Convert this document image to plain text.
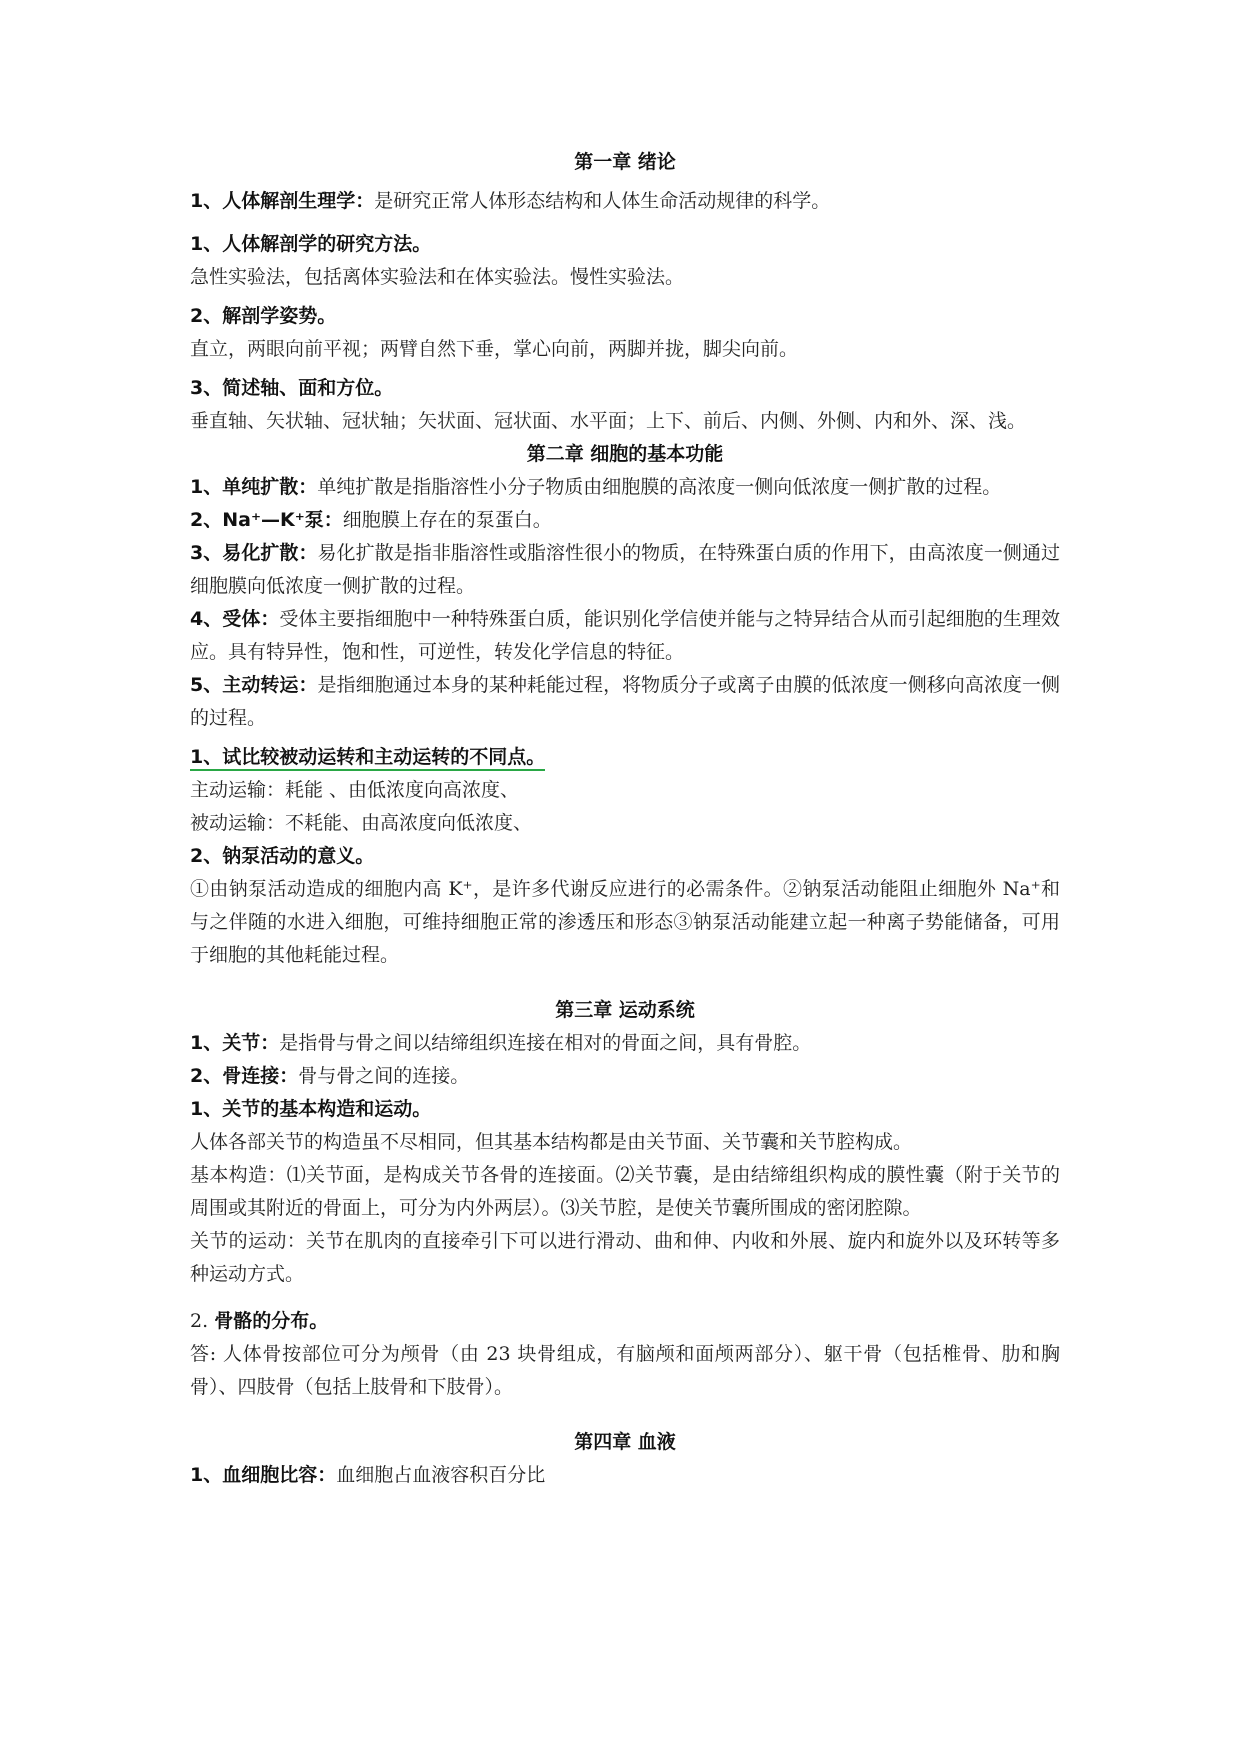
第一章 绪论

1、人体解剖生理学：是研究正常人体形态结构和人体生命活动规律的科学。

1、人体解剖学的研究方法。

急性实验法，包括离体实验法和在体实验法。慢性实验法。

2、解剖学姿势。

直立，两眼向前平视；两臂自然下垂，掌心向前，两脚并拢，脚尖向前。

3、简述轴、面和方位。

垂直轴、矢状轴、冠状轴；矢状面、冠状面、水平面；上下、前后、内侧、外侧、内和外、深、浅。

第二章 细胞的基本功能

1、单纯扩散：单纯扩散是指脂溶性小分子物质由细胞膜的高浓度一侧向低浓度一侧扩散的过程。

2、Na⁺—K⁺泵：细胞膜上存在的泵蛋白。

3、易化扩散：易化扩散是指非脂溶性或脂溶性很小的物质，在特殊蛋白质的作用下，由高浓度一侧通过细胞膜向低浓度一侧扩散的过程。

4、受体：受体主要指细胞中一种特殊蛋白质，能识别化学信使并能与之特异结合从而引起细胞的生理效应。具有特异性，饱和性，可逆性，转发化学信息的特征。

5、主动转运：是指细胞通过本身的某种耗能过程，将物质分子或离子由膜的低浓度一侧移向高浓度一侧的过程。

1、试比较被动运转和主动运转的不同点。

主动运输：耗能 、由低浓度向高浓度、

被动运输：不耗能、由高浓度向低浓度、

2、钠泵活动的意义。

①由钠泵活动造成的细胞内高 K⁺，是许多代谢反应进行的必需条件。②钠泵活动能阻止细胞外 Na⁺和与之伴随的水进入细胞，可维持细胞正常的渗透压和形态③钠泵活动能建立起一种离子势能储备，可用于细胞的其他耗能过程。

第三章 运动系统

1、关节：是指骨与骨之间以结缔组织连接在相对的骨面之间，具有骨腔。

2、骨连接：骨与骨之间的连接。

1、关节的基本构造和运动。

人体各部关节的构造虽不尽相同，但其基本结构都是由关节面、关节囊和关节腔构成。

基本构造：⑴关节面，是构成关节各骨的连接面。⑵关节囊，是由结缔组织构成的膜性囊（附于关节的周围或其附近的骨面上，可分为内外两层）。⑶关节腔，是使关节囊所围成的密闭腔隙。

关节的运动：关节在肌肉的直接牵引下可以进行滑动、曲和伸、内收和外展、旋内和旋外以及环转等多种运动方式。

2. 骨骼的分布。

答: 人体骨按部位可分为颅骨（由 23 块骨组成，有脑颅和面颅两部分）、躯干骨（包括椎骨、肋和胸骨）、四肢骨（包括上肢骨和下肢骨）。

第四章 血液

1、血细胞比容：血细胞占血液容积百分比
